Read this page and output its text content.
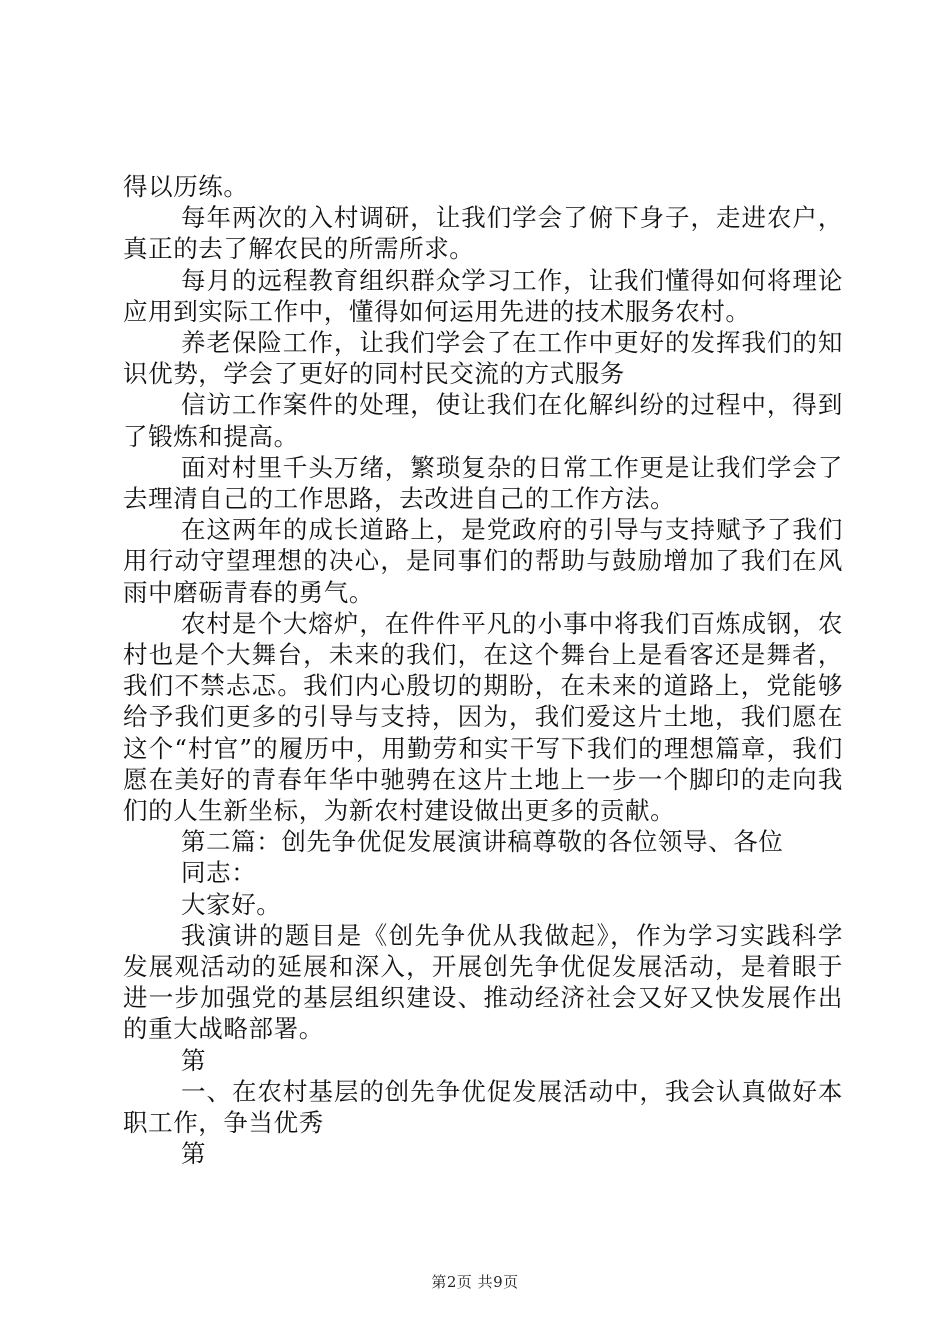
得以历练。

每年两次的入村调研，让我们学会了俯下身子，走进农户，真正的去了解农民的所需所求。

每月的远程教育组织群众学习工作，让我们懂得如何将理论应用到实际工作中，懂得如何运用先进的技术服务农村。

养老保险工作，让我们学会了在工作中更好的发挥我们的知识优势，学会了更好的同村民交流的方式服务

信访工作案件的处理，使让我们在化解纠纷的过程中，得到了锻炼和提高。

面对村里千头万绪，繁琐复杂的日常工作更是让我们学会了去理清自己的工作思路，去改进自己的工作方法。

在这两年的成长道路上，是党政府的引导与支持赋予了我们用行动守望理想的决心，是同事们的帮助与鼓励增加了我们在风雨中磨砺青春的勇气。

农村是个大熔炉，在件件平凡的小事中将我们百炼成钢，农村也是个大舞台，未来的我们，在这个舞台上是看客还是舞者，我们不禁忐忑。我们内心殷切的期盼，在未来的道路上，党能够给予我们更多的引导与支持，因为，我们爱这片土地，我们愿在这个“村官”的履历中，用勤劳和实干写下我们的理想篇章，我们愿在美好的青春年华中驰骋在这片土地上一步一个脚印的走向我们的人生新坐标，为新农村建设做出更多的贡献。

第二篇：创先争优促发展演讲稿尊敬的各位领导、各位

同志：

大家好。

我演讲的题目是《创先争优从我做起》，作为学习实践科学发展观活动的延展和深入，开展创先争优促发展活动，是着眼于进一步加强党的基层组织建设、推动经济社会又好又快发展作出的重大战略部署。

第

一、在农村基层的创先争优促发展活动中，我会认真做好本职工作，争当优秀

第

第2页 共9页
